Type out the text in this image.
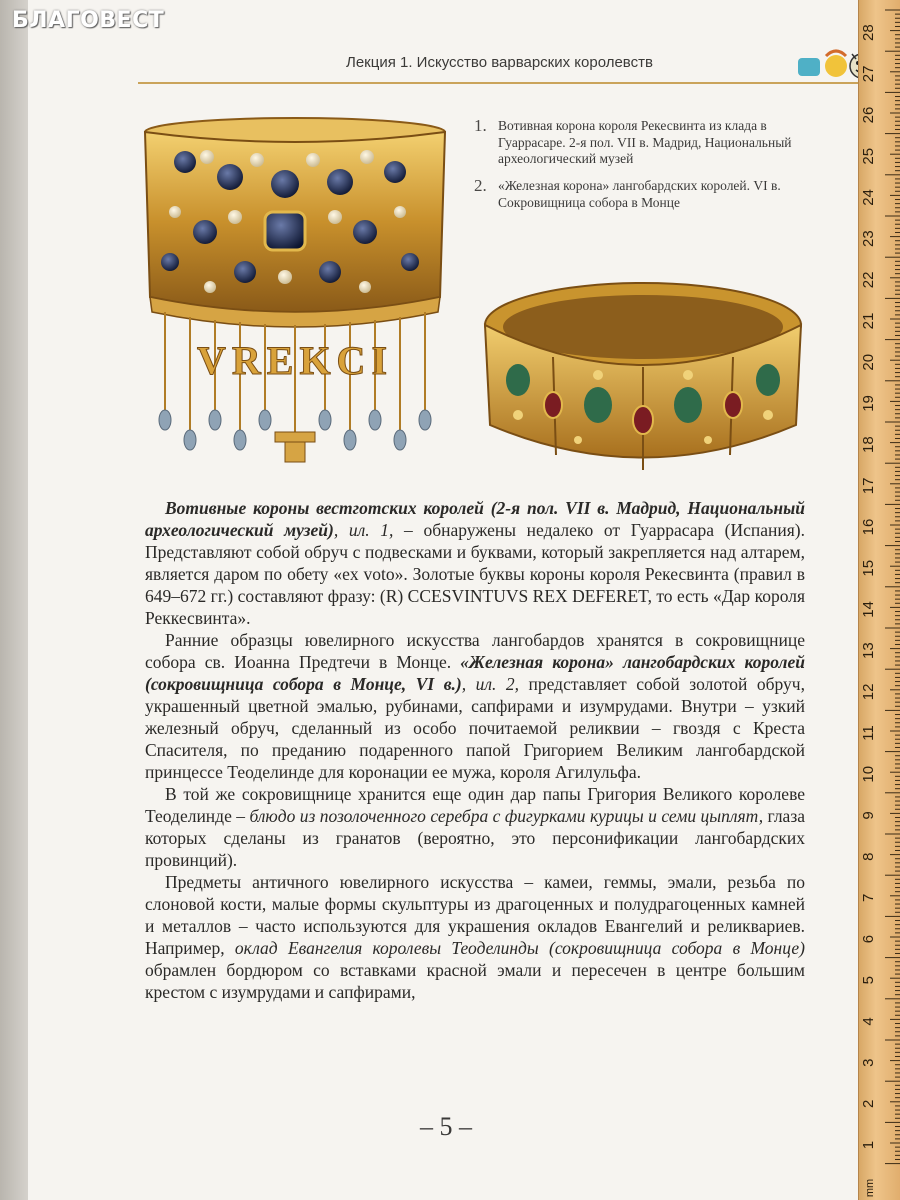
Лекция 1. Искусство варварских королевств
БЛАГОВЕСТ
VREKCI
1. Вотивная корона короля Рекесвинта из клада в Гуаррасаре. 2-я пол. VII в. Мадрид, Национальный археологический музей
2. «Железная корона» лангобардских королей. VI в. Сокровищница собора в Монце

Вотивные короны вестготских королей (2-я пол. VII в. Мадрид, Национальный археологический музей), ил. 1, – обнаружены недалеко от Гуаррасара (Испания). Представляют собой обруч с подвесками и буквами, который закрепляется над алтарем, является даром по обету «ex voto». Золотые буквы короны короля Рекесвинта (правил в 649–672 гг.) составляют фразу: (R) CCESVINTUVS REX DEFERET, то есть «Дар короля Реккесвинта».

Ранние образцы ювелирного искусства лангобардов хранятся в сокровищнице собора св. Иоанна Предтечи в Монце. «Железная корона» лангобардских королей (сокровищница собора в Монце, VI в.), ил. 2, представляет собой золотой обруч, украшенный цветной эмалью, рубинами, сапфирами и изумрудами. Внутри – узкий железный обруч, сделанный из особо почитаемой реликвии – гвоздя с Креста Спасителя, по преданию подаренного папой Григорием Великим лангобардской принцессе Теоделинде для коронации ее мужа, короля Агилульфа.

В той же сокровищнице хранится еще один дар папы Григория Великого королеве Теоделинде – блюдо из позолоченного серебра с фигурками курицы и семи цыплят, глаза которых сделаны из гранатов (вероятно, это персонификации лангобардских провинций).

Предметы античного ювелирного искусства – камеи, геммы, эмали, резьба по слоновой кости, малые формы скульптуры из драгоценных и полудрагоценных камней и металлов – часто используются для украшения окладов Евангелий и реликвариев. Например, оклад Евангелия королевы Теоделинды (сокровищница собора в Монце) обрамлен бордюром со вставками красной эмали и пересечен в центре большим крестом с изумрудами и сапфирами,

– 5 –
28
27
26
25
24
23
22
21
20
19
18
17
16
15
14
13
12
11
10
9
8
7
6
5
4
3
2
1
mm
